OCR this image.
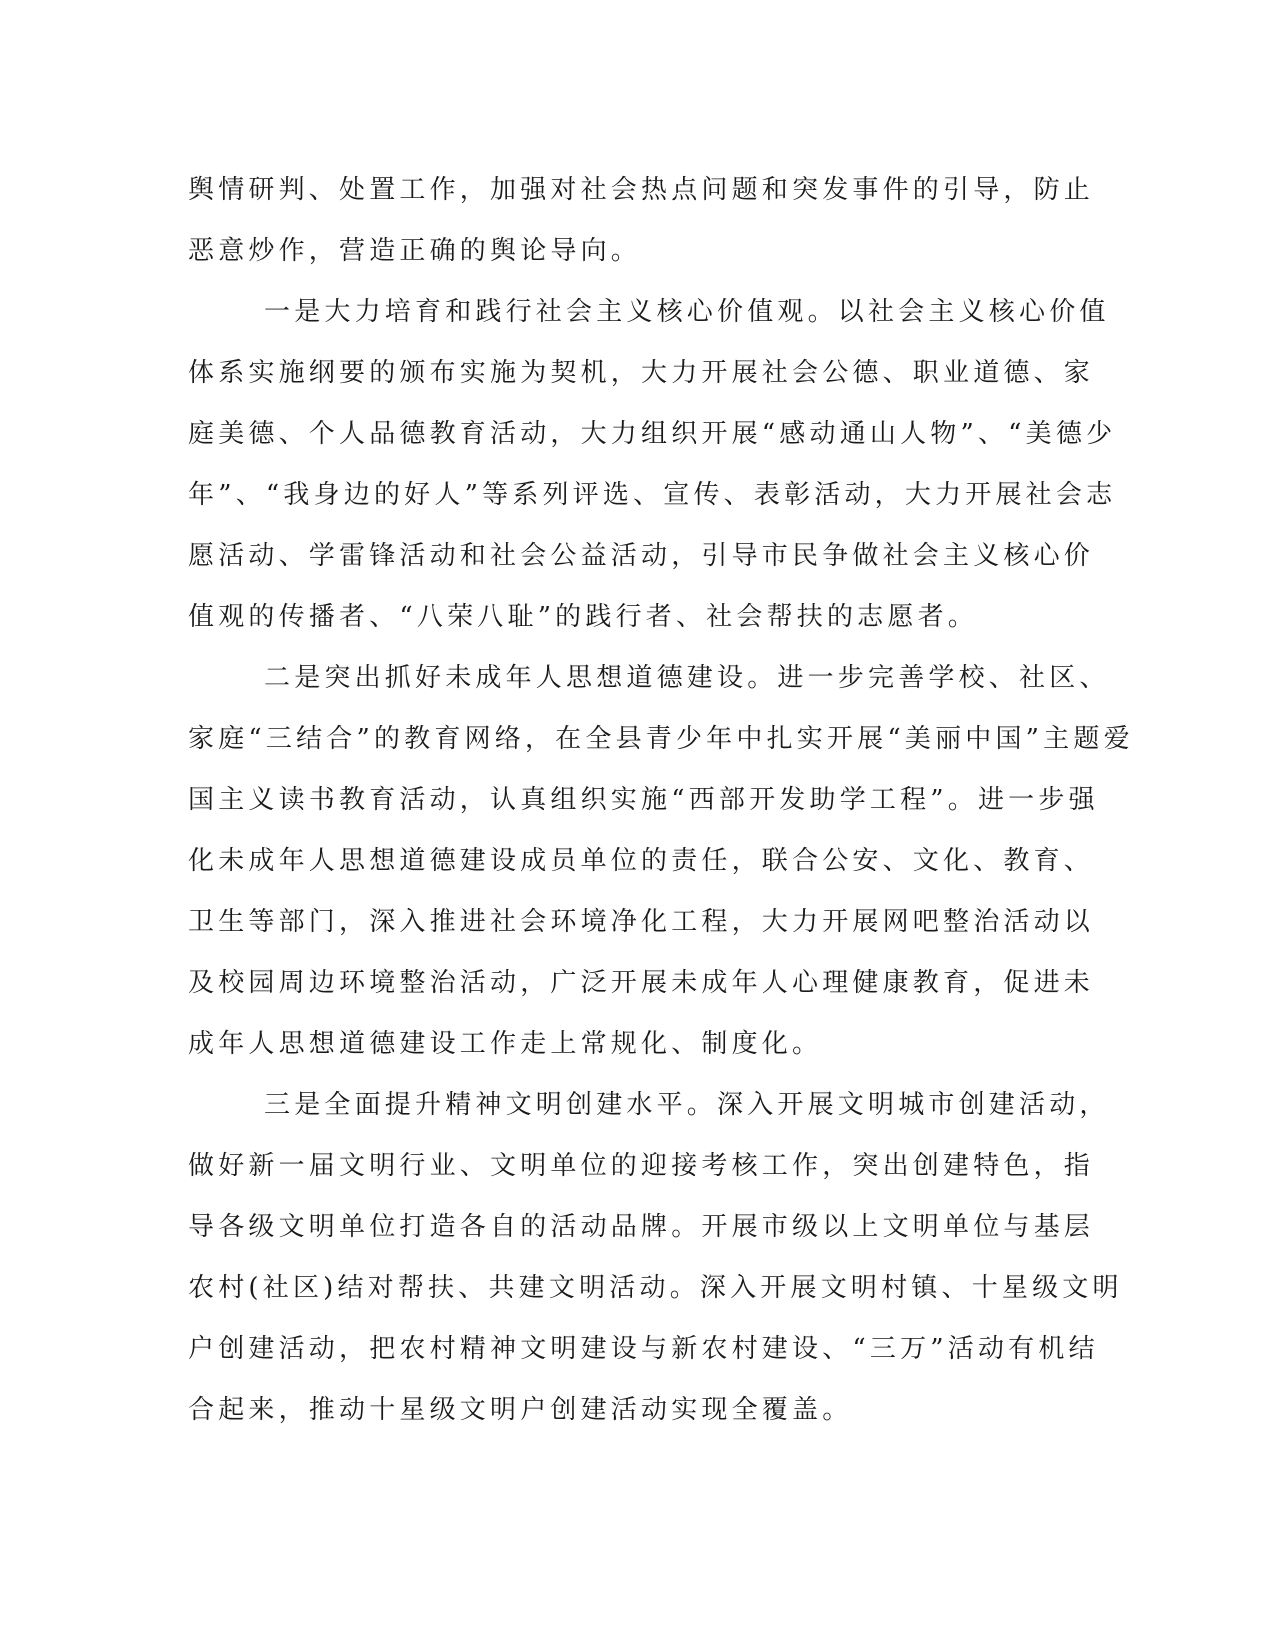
舆情研判、处置工作，加强对社会热点问题和突发事件的引导，防止
恶意炒作，营造正确的舆论导向。
一是大力培育和践行社会主义核心价值观。以社会主义核心价值
体系实施纲要的颁布实施为契机，大力开展社会公德、职业道德、家
庭美德、个人品德教育活动，大力组织开展“感动通山人物”、“美德少
年”、“我身边的好人”等系列评选、宣传、表彰活动，大力开展社会志
愿活动、学雷锋活动和社会公益活动，引导市民争做社会主义核心价
值观的传播者、“八荣八耻”的践行者、社会帮扶的志愿者。
二是突出抓好未成年人思想道德建设。进一步完善学校、社区、
家庭“三结合”的教育网络，在全县青少年中扎实开展“美丽中国”主题爱
国主义读书教育活动，认真组织实施“西部开发助学工程”。进一步强
化未成年人思想道德建设成员单位的责任，联合公安、文化、教育、
卫生等部门，深入推进社会环境净化工程，大力开展网吧整治活动以
及校园周边环境整治活动，广泛开展未成年人心理健康教育，促进未
成年人思想道德建设工作走上常规化、制度化。
三是全面提升精神文明创建水平。深入开展文明城市创建活动，
做好新一届文明行业、文明单位的迎接考核工作，突出创建特色，指
导各级文明单位打造各自的活动品牌。开展市级以上文明单位与基层
农村(社区)结对帮扶、共建文明活动。深入开展文明村镇、十星级文明
户创建活动，把农村精神文明建设与新农村建设、“三万”活动有机结
合起来，推动十星级文明户创建活动实现全覆盖。
